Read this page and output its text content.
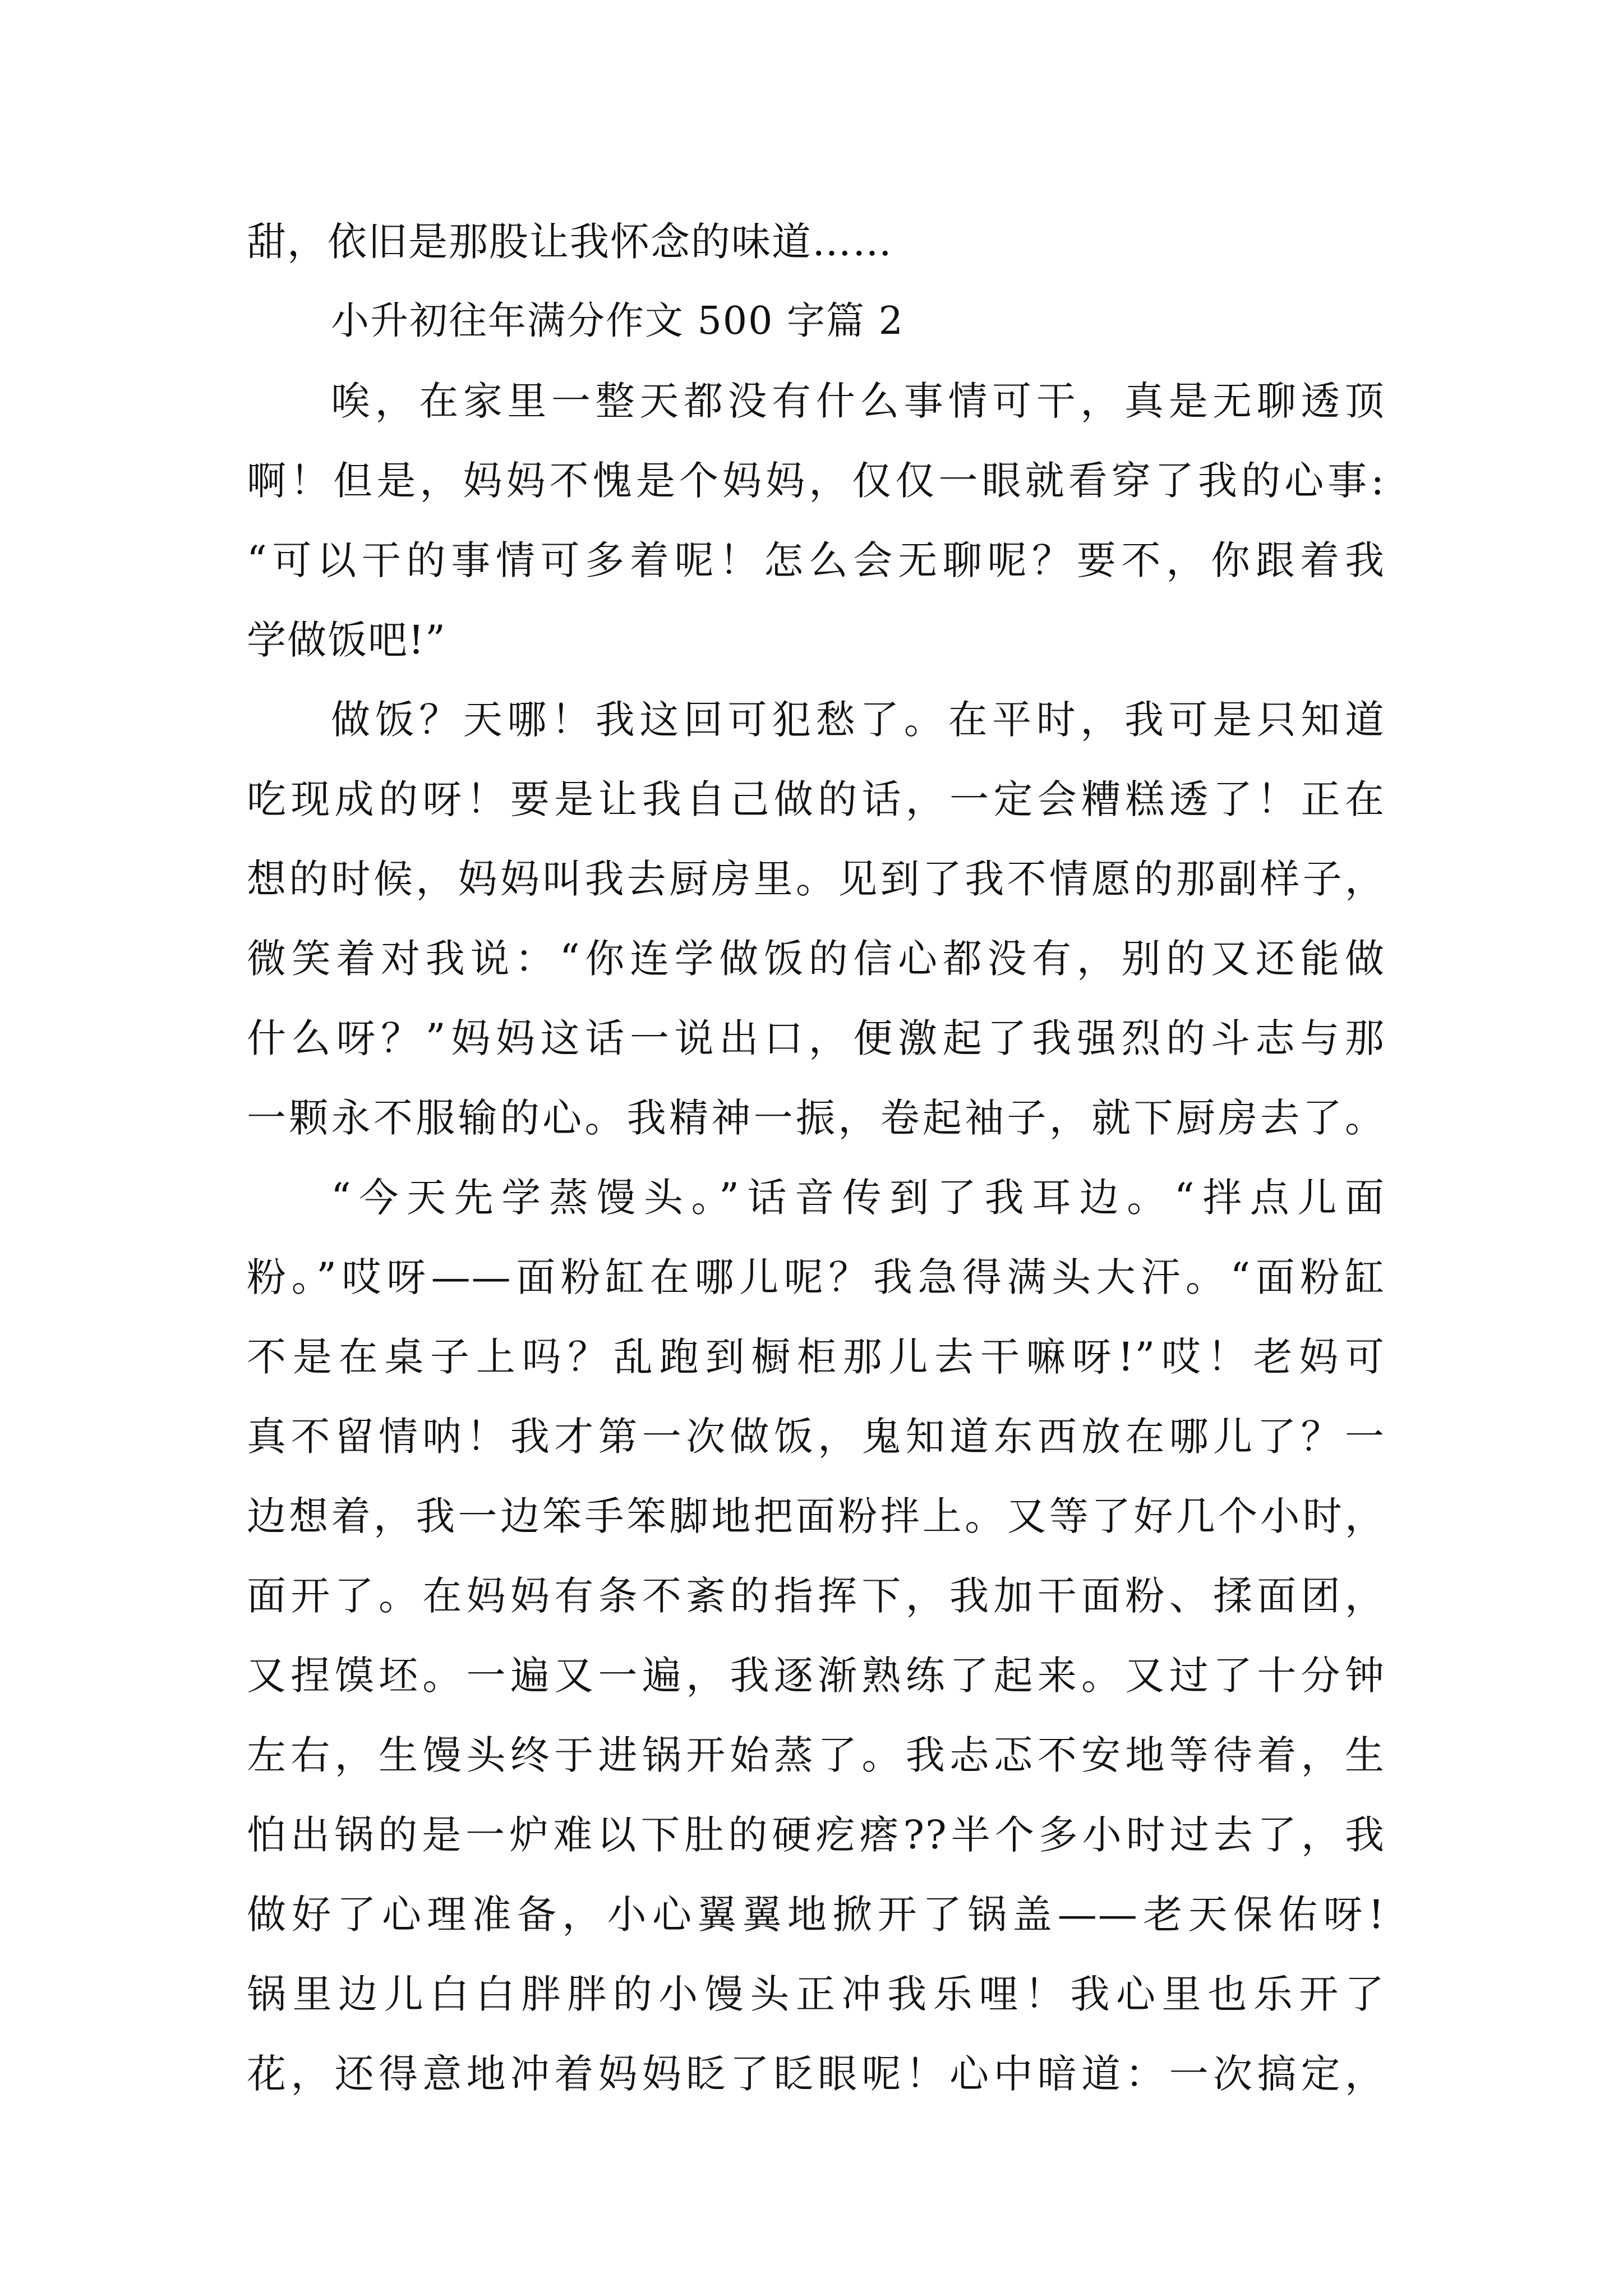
甜，依旧是那股让我怀念的味道……
小升初往年满分作文 500 字篇 2
唉，在家里一整天都没有什么事情可干，真是无聊透顶
啊！但是，妈妈不愧是个妈妈，仅仅一眼就看穿了我的心事:
“可以干的事情可多着呢！怎么会无聊呢？要不，你跟着我
学做饭吧!”
做饭？天哪！我这回可犯愁了。在平时，我可是只知道
吃现成的呀！要是让我自己做的话，一定会糟糕透了！正在
想的时候，妈妈叫我去厨房里。见到了我不情愿的那副样子，
微笑着对我说：“你连学做饭的信心都没有，别的又还能做
什么呀？”妈妈这话一说出口，便激起了我强烈的斗志与那
一颗永不服输的心。我精神一振，卷起袖子，就下厨房去了。
“今天先学蒸馒头。”话音传到了我耳边。“拌点儿面
粉。”哎呀——面粉缸在哪儿呢？我急得满头大汗。“面粉缸
不是在桌子上吗？乱跑到橱柜那儿去干嘛呀!”哎！老妈可
真不留情呐！我才第一次做饭，鬼知道东西放在哪儿了？一
边想着，我一边笨手笨脚地把面粉拌上。又等了好几个小时，
面开了。在妈妈有条不紊的指挥下，我加干面粉、揉面团，
又捏馍坯。一遍又一遍，我逐渐熟练了起来。又过了十分钟
左右，生馒头终于进锅开始蒸了。我忐忑不安地等待着，生
怕出锅的是一炉难以下肚的硬疙瘩??半个多小时过去了，我
做好了心理准备，小心翼翼地掀开了锅盖——老天保佑呀!
锅里边儿白白胖胖的小馒头正冲我乐哩！我心里也乐开了
花，还得意地冲着妈妈眨了眨眼呢！心中暗道：一次搞定，
